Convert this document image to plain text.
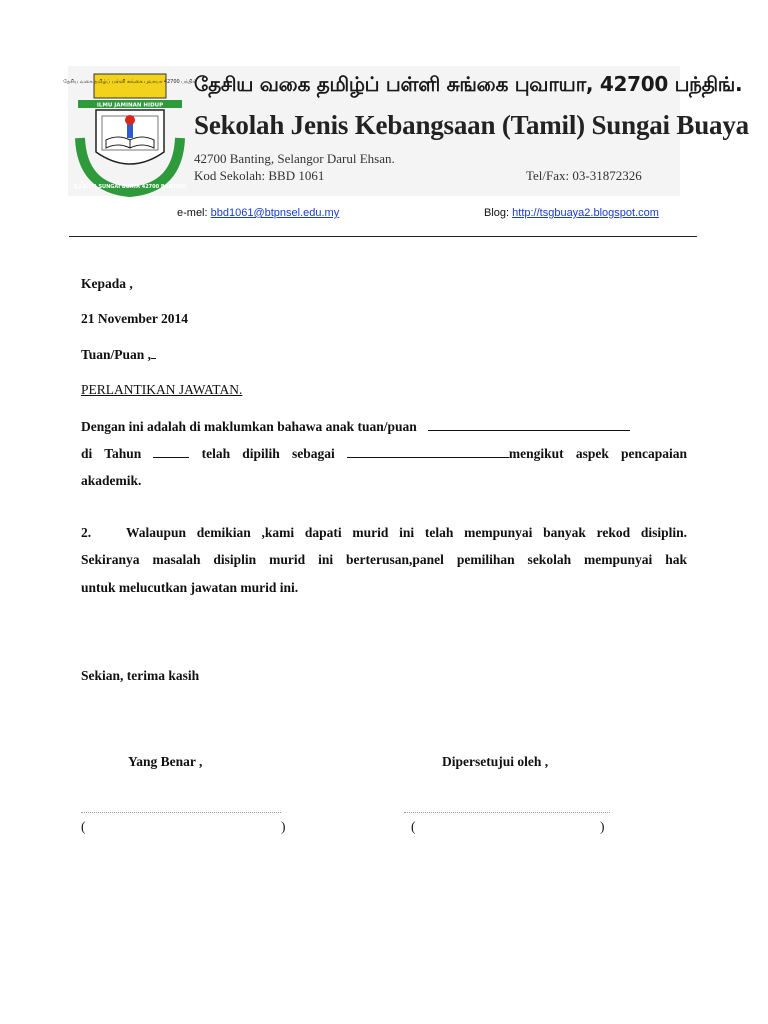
தேசிய வகை தமிழ்ப் பள்ளி சுங்கை புவாயா 42700 பந்திங்
ILMU JAMINAN HIDUP
S.J.K.(T) SUNGAI BUAYA 42700 BANTING
தேசிய வகை தமிழ்ப் பள்ளி சுங்கை புவாயா, 42700 பந்திங்.
Sekolah Jenis Kebangsaan (Tamil) Sungai Buaya
42700 Banting, Selangor Darul Ehsan.
Kod Sekolah: BBD 1061	Tel/Fax: 03-31872326
e-mel: bbd1061@btpnsel.edu.my	Blog: http://tsgbuaya2.blogspot.com
Kepada ,
21 November 2014
Tuan/Puan ,
PERLANTIKAN JAWATAN.
Dengan ini adalah di maklumkan bahawa anak tuan/puan
di Tahun	telah dipilih sebagai	mengikut aspek pencapaian
akademik.
2.	Walaupun demikian ,kami dapati murid ini telah mempunyai banyak rekod disiplin.
Sekiranya masalah disiplin murid ini berterusan,panel pemilihan sekolah mempunyai hak
untuk melucutkan jawatan murid ini.
Sekian, terima kasih
Yang Benar ,	Dipersetujui oleh ,
(	)	(	)
